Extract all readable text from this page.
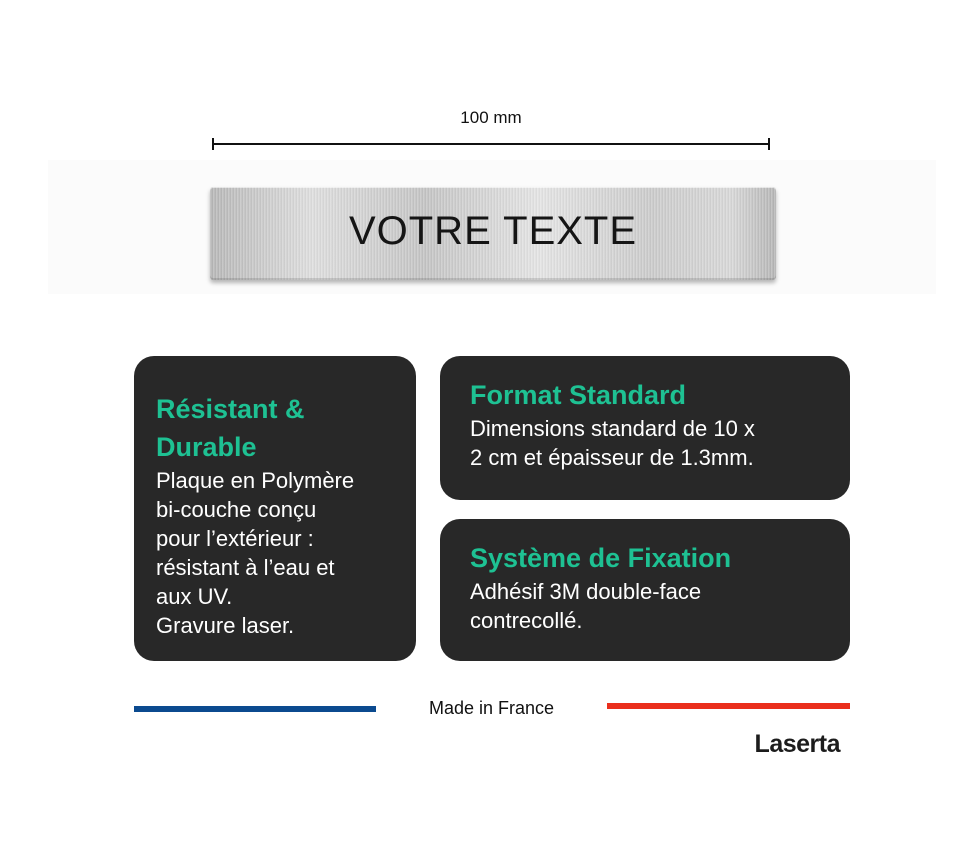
100 mm
VOTRE TEXTE
Résistant & Durable
Plaque en Polymère
bi-couche conçu
pour l’extérieur :
résistant à l’eau et
aux UV.
Gravure laser.
Format Standard
Dimensions standard de 10 x
2 cm et épaisseur de 1.3mm.
Système de Fixation
Adhésif 3M double-face
contrecollé.
Made in France
Laserta
